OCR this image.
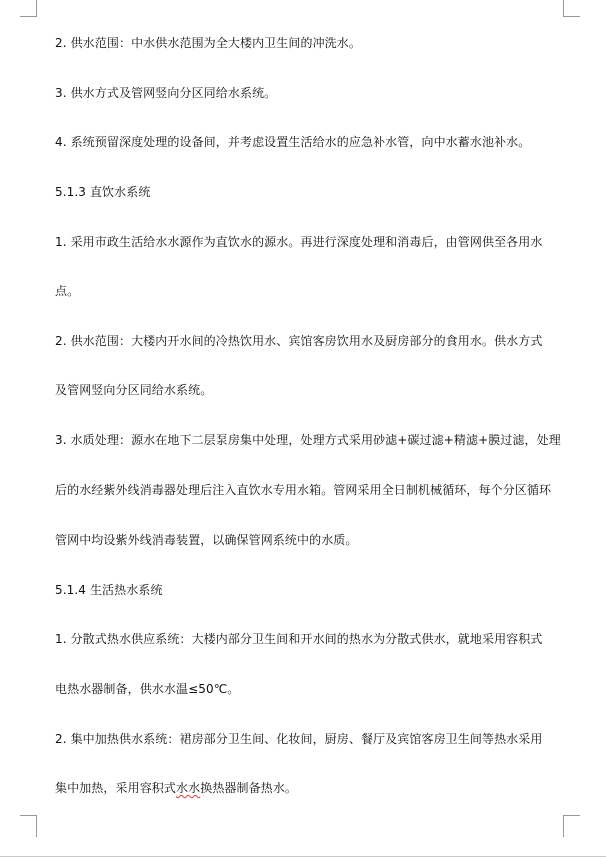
2. 供水范围：中水供水范围为全大楼内卫生间的冲洗水。
3. 供水方式及管网竖向分区同给水系统。
4. 系统预留深度处理的设备间，并考虑设置生活给水的应急补水管，向中水蓄水池补水。
5.1.3 直饮水系统
1. 采用市政生活给水水源作为直饮水的源水。再进行深度处理和消毒后，由管网供至各用水
点。
2. 供水范围：大楼内开水间的冷热饮用水、宾馆客房饮用水及厨房部分的食用水。供水方式
及管网竖向分区同给水系统。
3. 水质处理：源水在地下二层泵房集中处理，处理方式采用砂滤+碳过滤+精滤+膜过滤，处理
后的水经紫外线消毒器处理后注入直饮水专用水箱。管网采用全日制机械循环，每个分区循环
管网中均设紫外线消毒装置，以确保管网系统中的水质。
5.1.4 生活热水系统
1. 分散式热水供应系统：大楼内部分卫生间和开水间的热水为分散式供水，就地采用容积式
电热水器制备，供水水温≤50℃。
2. 集中加热供水系统：裙房部分卫生间、化妆间，厨房、餐厅及宾馆客房卫生间等热水采用
集中加热，采用容积式水水换热器制备热水。
